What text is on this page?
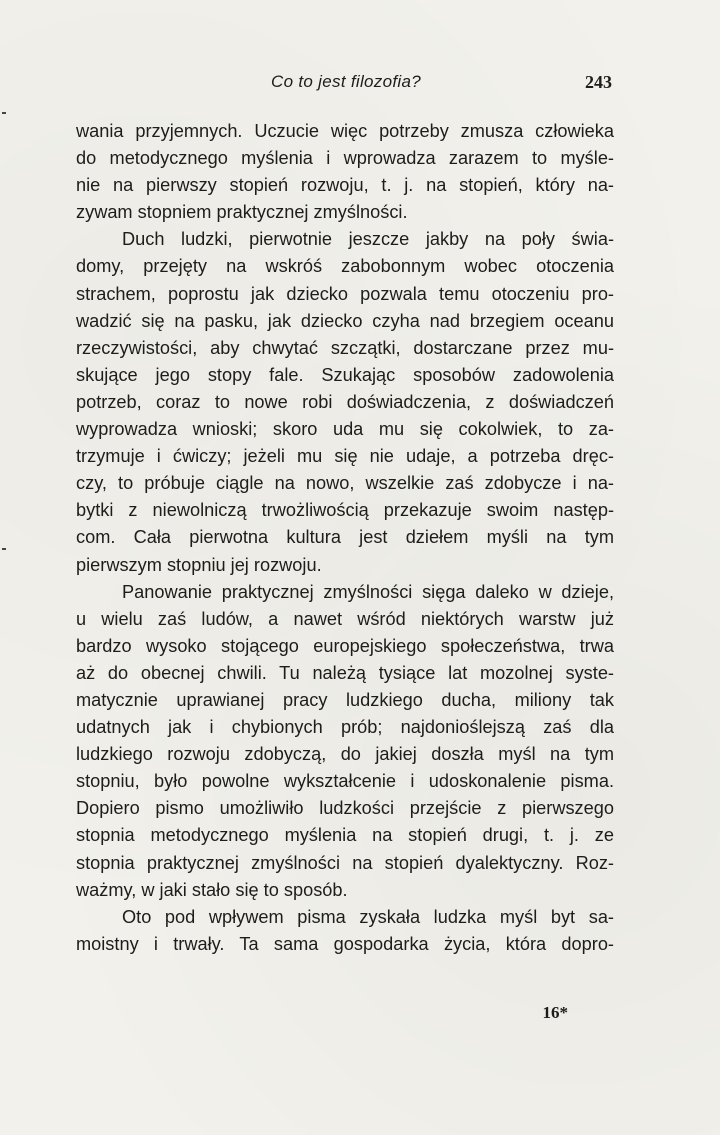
Co to jest filozofia?	243

wania przyjemnych. Uczucie więc potrzeby zmusza człowieka
do metodycznego myślenia i wprowadza zarazem to myśle-
nie na pierwszy stopień rozwoju, t. j. na stopień, który na-
zywam stopniem praktycznej zmyślności.

Duch ludzki, pierwotnie jeszcze jakby na poły świa-
domy, przejęty na wskróś zabobonnym wobec otoczenia
strachem, poprostu jak dziecko pozwala temu otoczeniu pro-
wadzić się na pasku, jak dziecko czyha nad brzegiem oceanu
rzeczywistości, aby chwytać szczątki, dostarczane przez mu-
skujące jego stopy fale. Szukając sposobów zadowolenia
potrzeb, coraz to nowe robi doświadczenia, z doświadczeń
wyprowadza wnioski; skoro uda mu się cokolwiek, to za-
trzymuje i ćwiczy; jeżeli mu się nie udaje, a potrzeba dręc-
czy, to próbuje ciągle na nowo, wszelkie zaś zdobycze i na-
bytki z niewolniczą trwożliwością przekazuje swoim następ-
com. Cała pierwotna kultura jest dziełem myśli na tym
pierwszym stopniu jej rozwoju.

Panowanie praktycznej zmyślności sięga daleko w dzieje,
u wielu zaś ludów, a nawet wśród niektórych warstw już
bardzo wysoko stojącego europejskiego społeczeństwa, trwa
aż do obecnej chwili. Tu należą tysiące lat mozolnej syste-
matycznie uprawianej pracy ludzkiego ducha, miliony tak
udatnych jak i chybionych prób; najdonioślejszą zaś dla
ludzkiego rozwoju zdobyczą, do jakiej doszła myśl na tym
stopniu, było powolne wykształcenie i udoskonalenie pisma.
Dopiero pismo umożliwiło ludzkości przejście z pierwszego
stopnia metodycznego myślenia na stopień drugi, t. j. ze
stopnia praktycznej zmyślności na stopień dyalektyczny. Roz-
ważmy, w jaki stało się to sposób.

Oto pod wpływem pisma zyskała ludzka myśl byt sa-
moistny i trwały. Ta sama gospodarka życia, która dopro-

16*
